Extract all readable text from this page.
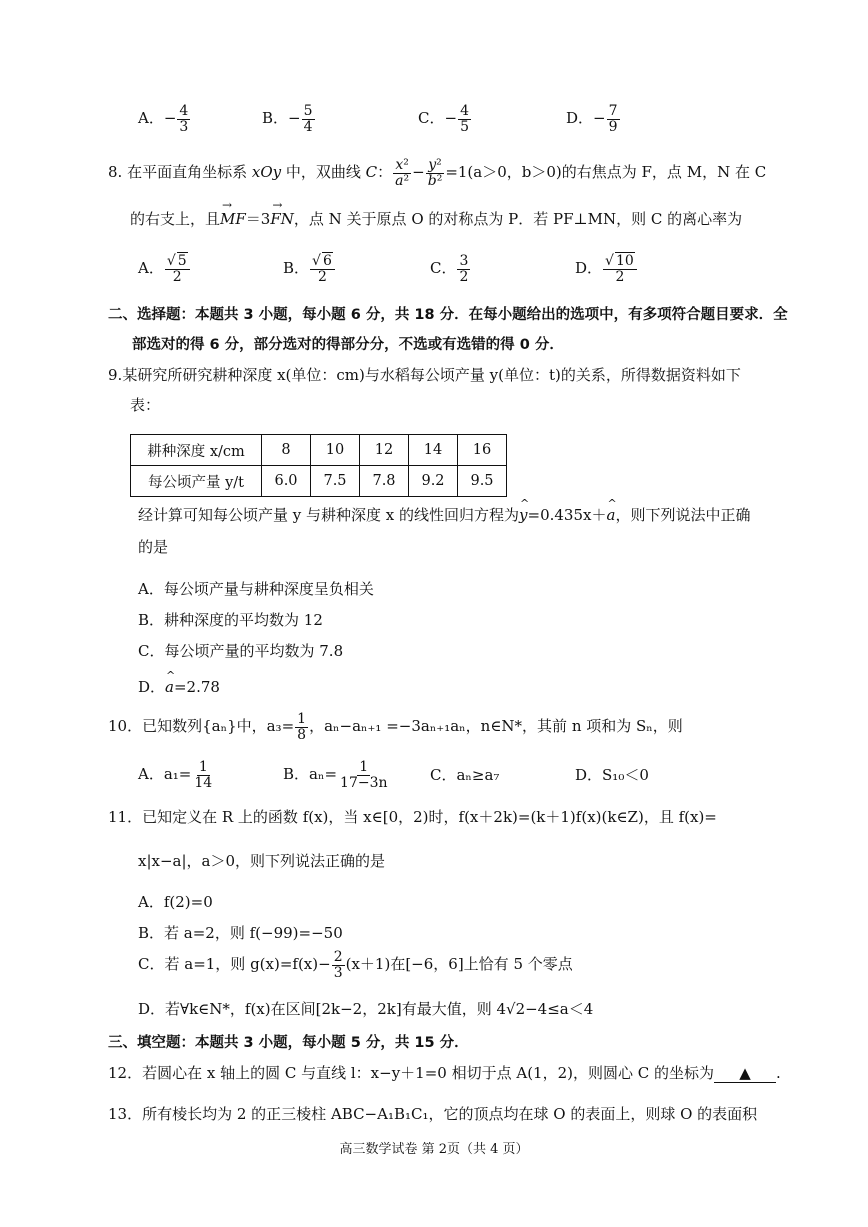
A．− $\frac{4}{3}$	B．− $\frac{5}{4}$	C．− $\frac{4}{5}$	D．− $\frac{7}{9}$
8. 在平面直角坐标系 xOy 中，双曲线 C： $\frac{\text{x²}}{\text{a²}} - \frac{\text{y²}}{\text{b²}} =1(a>0$，b＞0)的右焦点为 F，点 M，N 在 C
的右支上，且→ MF＝3→ FN，点 N 关于原点 O 的对称点为 P．若 PF⊥MN，则 C 的离心率为
A． $\frac{√ 5}{2}$	B． $\frac{√ 6}{2}$	C． $\frac{3}{2}$	D． $\frac{√ 10}{2}$
二、选择题：本题共 3 小题，每小题 6 分，共 18 分．在每小题给出的选项中，有多项符合题目要求．全
部选对的得 6 分，部分选对的得部分分，不选或有选错的得 0 分．
9.某研究所研究耕种深度 x(单位：cm)与水稻每公顷产量 y(单位：t)的关系，所得数据资料如下
表：
耕种深度 x/cm	8	10	12	14	16
每公顷产量 y/t	6.0	7.5	7.8	9.2	9.5
经计算可知每公顷产量 y 与耕种深度 x 的线性回归方程为^ y=0.435x＋^ a，则下列说法中正确
的是
A．每公顷产量与耕种深度呈负相关
B．耕种深度的平均数为 12
C．每公顷产量的平均数为 7.8
D．^ a=2.78
10．已知数列{aₙ}中，$a_3= \frac{1}{8}$ ，aₙ−aₙ₊₁ =−3aₙ₊₁aₙ，n∈N*，其前 n 项和为 Sₙ，则
A．$a_1= \frac{1}{14}$	B．$a_n= \frac{1}{17-3n}$	C．aₙ≥a₇	D．S₁₀＜0
11．已知定义在 R 上的函数 f(x)，当 x∈[0，2)时，f(x＋2k)=(k＋1)f(x)(k∈Z)，且 f(x)=
x|x−a|，a＞0，则下列说法正确的是
A．f(2)=0
B．若 a=2，则 f(−99)=−50
C．若 a=1，则 $g(x)=f(x)- \frac{2}{3} (x+1)$在[−6，6]上恰有 5 个零点
D．若∀k∈N*，f(x)在区间[2k−2，2k]有最大值，则 4√2−4≤a＜4
三、填空题：本题共 3 小题，每小题 5 分，共 15 分．
12．若圆心在 x 轴上的圆 C 与直线 l：x−y＋1=0 相切于点 A(1，2)，则圆心 C 的坐标为 ▲ .
13．所有棱长均为 2 的正三棱柱 ABC−A₁B₁C₁，它的顶点均在球 O 的表面上，则球 O 的表面积
高三数学试卷 第 2页（共 4 页）
